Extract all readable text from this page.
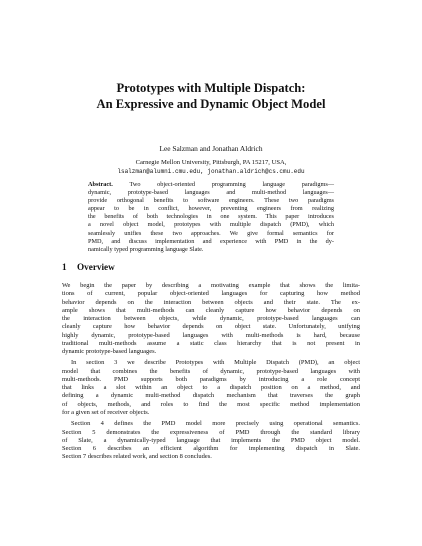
Prototypes with Multiple Dispatch:
An Expressive and Dynamic Object Model
Lee Salzman and Jonathan Aldrich
Carnegie Mellon University, Pittsburgh, PA 15217, USA,
lsalzman@alumni.cmu.edu, jonathan.aldrich@cs.cmu.edu
Abstract.	Two object-oriented programming language paradigms—
dynamic, prototype-based languages and multi-method languages—
provide orthogonal benefits to software engineers. These two paradigms
appear to be in conflict, however, preventing engineers from realizing
the benefits of both technologies in one system. This paper introduces
a novel object model, prototypes with multiple dispatch (PMD), which
seamlessly unifies these two approaches. We give formal semantics for
PMD, and discuss implementation and experience with PMD in the dy-
namically typed programming language Slate.
1 Overview
We begin the paper by describing a motivating example that shows the limita-
tions of current, popular object-oriented languages for capturing how method
behavior depends on the interaction between objects and their state. The ex-
ample shows that multi-methods can cleanly capture how behavior depends on
the interaction between objects, while dynamic, prototype-based languages can
cleanly capture how behavior depends on object state. Unfortunately, unifying
highly dynamic, prototype-based languages with multi-methods is hard, because
traditional multi-methods assume a static class hierarchy that is not present in
dynamic prototype-based languages.
In section 3 we describe Prototypes with Multiple Dispatch (PMD), an object
model that combines the benefits of dynamic, prototype-based languages with
multi-methods. PMD supports both paradigms by introducing a role concept
that links a slot within an object to a dispatch position on a method, and
defining a dynamic multi-method dispatch mechanism that traverses the graph
of objects, methods, and roles to find the most specific method implementation
for a given set of receiver objects.
Section 4 defines the PMD model more precisely using operational semantics.
Section 5 demonstrates the expressiveness of PMD through the standard library
of Slate, a dynamically-typed language that implements the PMD object model.
Section 6 describes an efficient algorithm for implementing dispatch in Slate.
Section 7 describes related work, and section 8 concludes.
